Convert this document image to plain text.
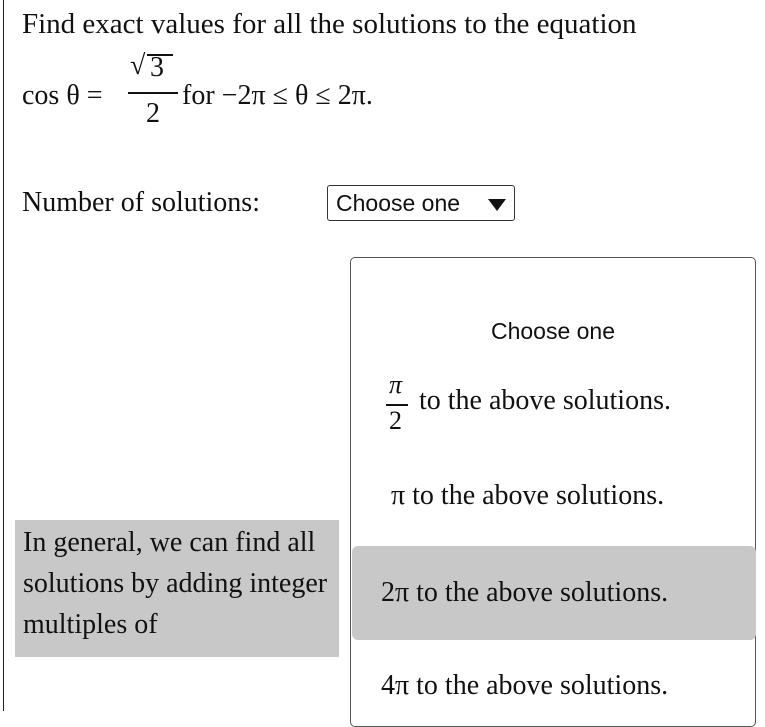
Find exact values for all the solutions to the equation
cos θ =
√ 3
2
for −2π ≤ θ ≤ 2π.
Number of solutions:	Choose one
In general, we can find all solutions by adding integer multiples of
Choose one
π
2
to the above solutions.
π to the above solutions.
2π to the above solutions.
4π to the above solutions.
